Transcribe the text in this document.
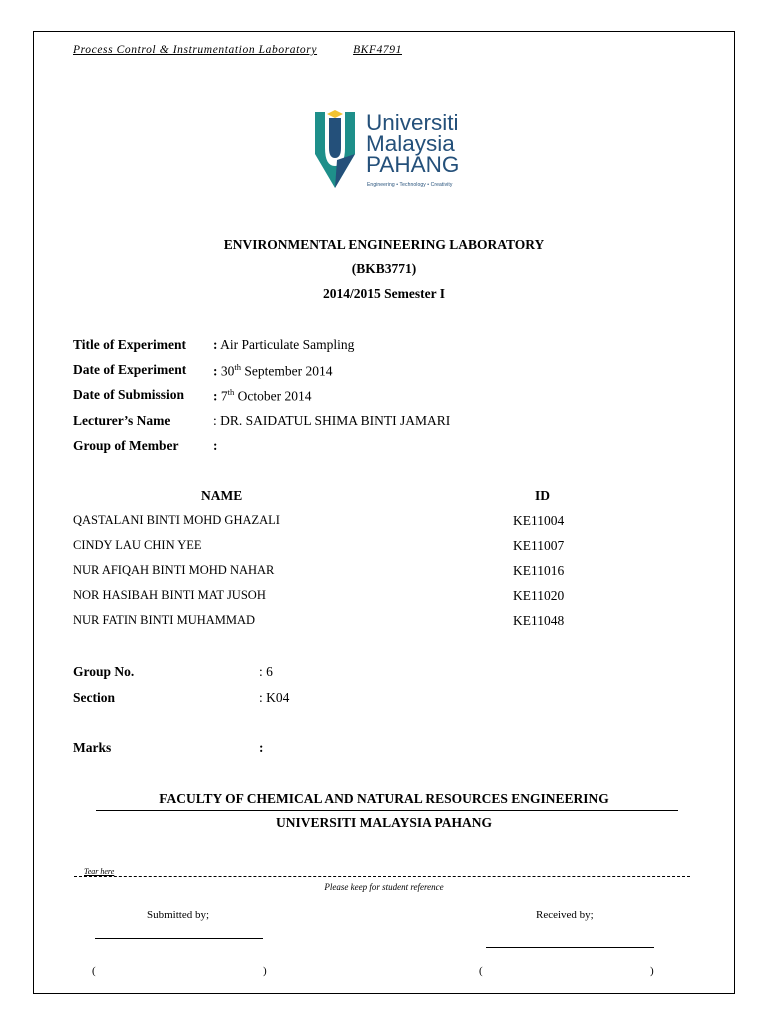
Process Control & Instrumentation Laboratory	BKF4791
Universiti
Malaysia
PAHANG
Engineering • Technology • Creativity
ENVIRONMENTAL ENGINEERING LABORATORY
(BKB3771)
2014/2015 Semester I
Title of Experiment : Air Particulate Sampling
Date of Experiment : 30th September 2014
Date of Submission : 7th October 2014
Lecturer’s Name	: DR. SAIDATUL SHIMA BINTI JAMARI
Group of Member	:
NAME	ID
QASTALANI BINTI MOHD GHAZALI	KE11004
CINDY LAU CHIN YEE	KE11007
NUR AFIQAH BINTI MOHD NAHAR	KE11016
NOR HASIBAH BINTI MAT JUSOH	KE11020
NUR FATIN BINTI MUHAMMAD	KE11048
Group No.	: 6
Section	: K04
Marks	:
FACULTY OF CHEMICAL AND NATURAL RESOURCES ENGINEERING
UNIVERSITI MALAYSIA PAHANG
Tear here
Please keep for student reference
Submitted by;	Received by;
(	)	(	)
